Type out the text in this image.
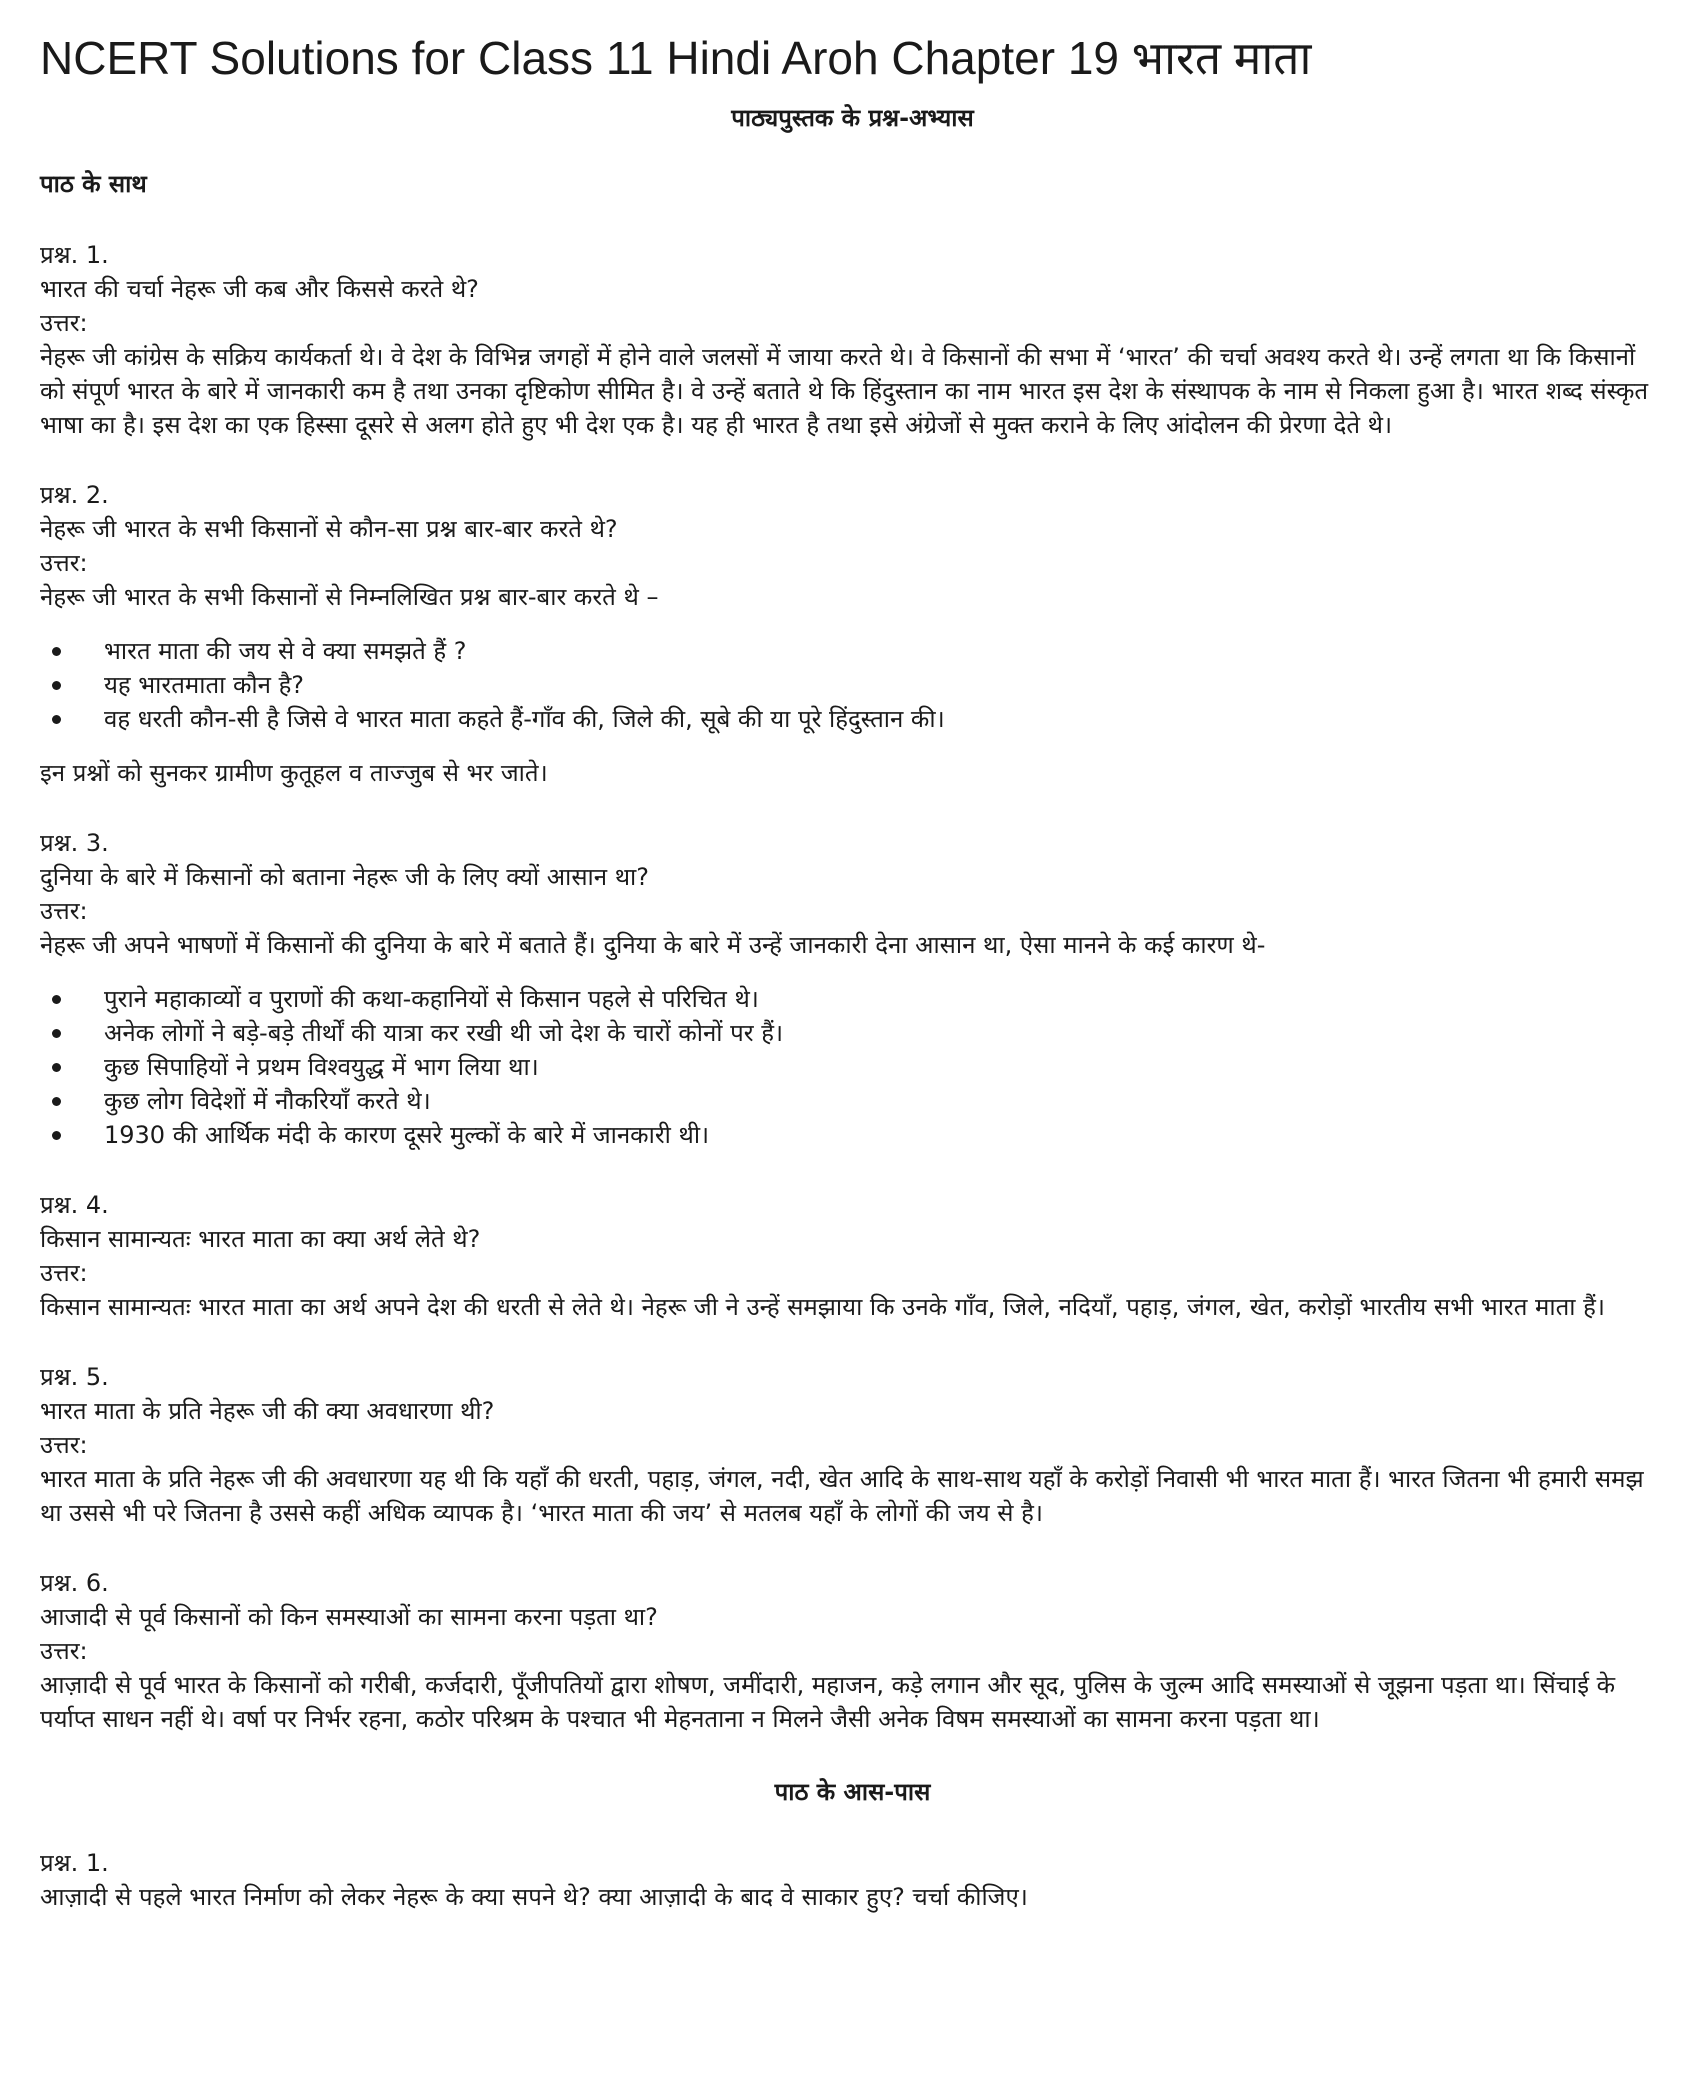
NCERT Solutions for Class 11 Hindi Aroh Chapter 19 भारत माता
पाठ्यपुस्तक के प्रश्न-अभ्यास
पाठ के साथ
प्रश्न. 1.
भारत की चर्चा नेहरू जी कब और किससे करते थे?
उत्तर:
नेहरू जी कांग्रेस के सक्रिय कार्यकर्ता थे। वे देश के विभिन्न जगहों में होने वाले जलसों में जाया करते थे। वे किसानों की सभा में ‘भारत’ की चर्चा अवश्य करते थे। उन्हें लगता था कि किसानों को संपूर्ण भारत के बारे में जानकारी कम है तथा उनका दृष्टिकोण सीमित है। वे उन्हें बताते थे कि हिंदुस्तान का नाम भारत इस देश के संस्थापक के नाम से निकला हुआ है। भारत शब्द संस्कृत भाषा का है। इस देश का एक हिस्सा दूसरे से अलग होते हुए भी देश एक है। यह ही भारत है तथा इसे अंग्रेजों से मुक्त कराने के लिए आंदोलन की प्रेरणा देते थे।
प्रश्न. 2.
नेहरू जी भारत के सभी किसानों से कौन-सा प्रश्न बार-बार करते थे?
उत्तर:
नेहरू जी भारत के सभी किसानों से निम्नलिखित प्रश्न बार-बार करते थे –
भारत माता की जय से वे क्या समझते हैं ?
यह भारतमाता कौन है?
वह धरती कौन-सी है जिसे वे भारत माता कहते हैं-गाँव की, जिले की, सूबे की या पूरे हिंदुस्तान की।
इन प्रश्नों को सुनकर ग्रामीण कुतूहल व ताज्जुब से भर जाते।
प्रश्न. 3.
दुनिया के बारे में किसानों को बताना नेहरू जी के लिए क्यों आसान था?
उत्तर:
नेहरू जी अपने भाषणों में किसानों की दुनिया के बारे में बताते हैं। दुनिया के बारे में उन्हें जानकारी देना आसान था, ऐसा मानने के कई कारण थे-
पुराने महाकाव्यों व पुराणों की कथा-कहानियों से किसान पहले से परिचित थे।
अनेक लोगों ने बड़े-बड़े तीर्थों की यात्रा कर रखी थी जो देश के चारों कोनों पर हैं।
कुछ सिपाहियों ने प्रथम विश्वयुद्ध में भाग लिया था।
कुछ लोग विदेशों में नौकरियाँ करते थे।
1930 की आर्थिक मंदी के कारण दूसरे मुल्कों के बारे में जानकारी थी।
प्रश्न. 4.
किसान सामान्यतः भारत माता का क्या अर्थ लेते थे?
उत्तर:
किसान सामान्यतः भारत माता का अर्थ अपने देश की धरती से लेते थे। नेहरू जी ने उन्हें समझाया कि उनके गाँव, जिले, नदियाँ, पहाड़, जंगल, खेत, करोड़ों भारतीय सभी भारत माता हैं।
प्रश्न. 5.
भारत माता के प्रति नेहरू जी की क्या अवधारणा थी?
उत्तर:
भारत माता के प्रति नेहरू जी की अवधारणा यह थी कि यहाँ की धरती, पहाड़, जंगल, नदी, खेत आदि के साथ-साथ यहाँ के करोड़ों निवासी भी भारत माता हैं। भारत जितना भी हमारी समझ था उससे भी परे जितना है उससे कहीं अधिक व्यापक है। ‘भारत माता की जय’ से मतलब यहाँ के लोगों की जय से है।
प्रश्न. 6.
आजादी से पूर्व किसानों को किन समस्याओं का सामना करना पड़ता था?
उत्तर:
आज़ादी से पूर्व भारत के किसानों को गरीबी, कर्जदारी, पूँजीपतियों द्वारा शोषण, जमींदारी, महाजन, कड़े लगान और सूद, पुलिस के जुल्म आदि समस्याओं से जूझना पड़ता था। सिंचाई के पर्याप्त साधन नहीं थे। वर्षा पर निर्भर रहना, कठोर परिश्रम के पश्चात भी मेहनताना न मिलने जैसी अनेक विषम समस्याओं का सामना करना पड़ता था।
पाठ के आस-पास
प्रश्न. 1.
आज़ादी से पहले भारत निर्माण को लेकर नेहरू के क्या सपने थे? क्या आज़ादी के बाद वे साकार हुए? चर्चा कीजिए।
